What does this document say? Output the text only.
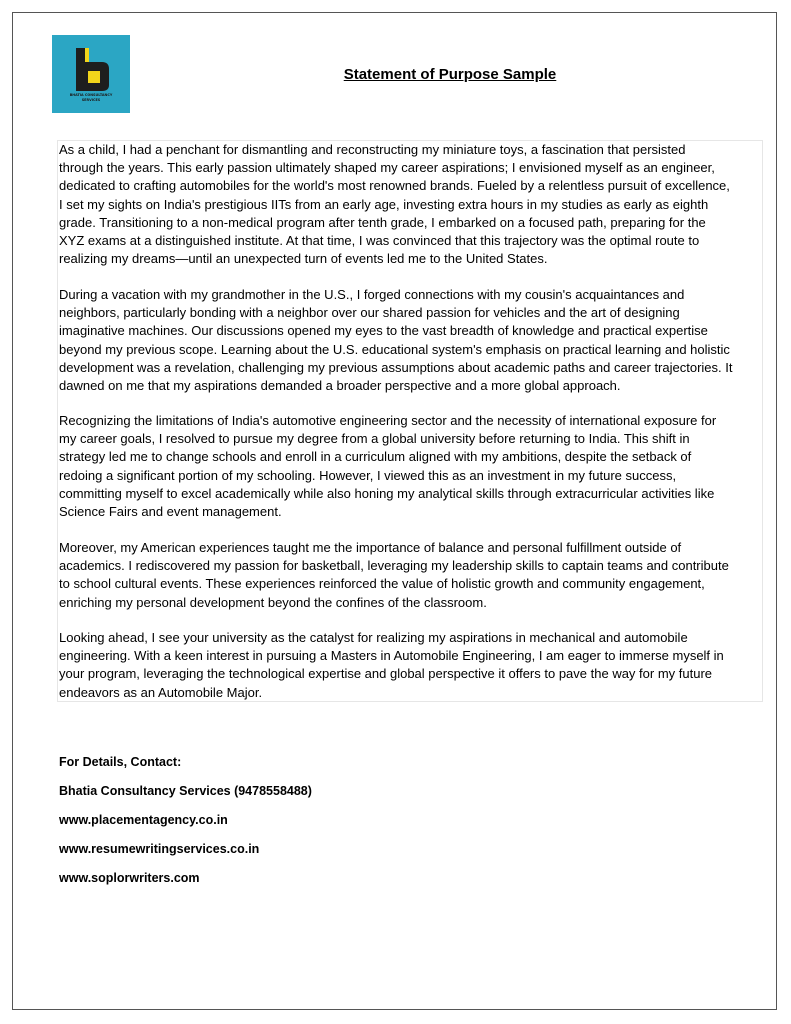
BHATIA CONSULTANCY
SERVICES
Statement of Purpose Sample

As a child, I had a penchant for dismantling and reconstructing my miniature toys, a fascination that persisted
through the years. This early passion ultimately shaped my career aspirations; I envisioned myself as an engineer,
dedicated to crafting automobiles for the world's most renowned brands. Fueled by a relentless pursuit of excellence,
I set my sights on India's prestigious IITs from an early age, investing extra hours in my studies as early as eighth
grade. Transitioning to a non-medical program after tenth grade, I embarked on a focused path, preparing for the
XYZ exams at a distinguished institute. At that time, I was convinced that this trajectory was the optimal route to
realizing my dreams—until an unexpected turn of events led me to the United States.

During a vacation with my grandmother in the U.S., I forged connections with my cousin's acquaintances and
neighbors, particularly bonding with a neighbor over our shared passion for vehicles and the art of designing
imaginative machines. Our discussions opened my eyes to the vast breadth of knowledge and practical expertise
beyond my previous scope. Learning about the U.S. educational system's emphasis on practical learning and holistic
development was a revelation, challenging my previous assumptions about academic paths and career trajectories. It
dawned on me that my aspirations demanded a broader perspective and a more global approach.

Recognizing the limitations of India's automotive engineering sector and the necessity of international exposure for
my career goals, I resolved to pursue my degree from a global university before returning to India. This shift in
strategy led me to change schools and enroll in a curriculum aligned with my ambitions, despite the setback of
redoing a significant portion of my schooling. However, I viewed this as an investment in my future success,
committing myself to excel academically while also honing my analytical skills through extracurricular activities like
Science Fairs and event management.

Moreover, my American experiences taught me the importance of balance and personal fulfillment outside of
academics. I rediscovered my passion for basketball, leveraging my leadership skills to captain teams and contribute
to school cultural events. These experiences reinforced the value of holistic growth and community engagement,
enriching my personal development beyond the confines of the classroom.

Looking ahead, I see your university as the catalyst for realizing my aspirations in mechanical and automobile
engineering. With a keen interest in pursuing a Masters in Automobile Engineering, I am eager to immerse myself in
your program, leveraging the technological expertise and global perspective it offers to pave the way for my future
endeavors as an Automobile Major.

For Details, Contact:
Bhatia Consultancy Services (9478558488)
www.placementagency.co.in
www.resumewritingservices.co.in
www.soplorwriters.com
